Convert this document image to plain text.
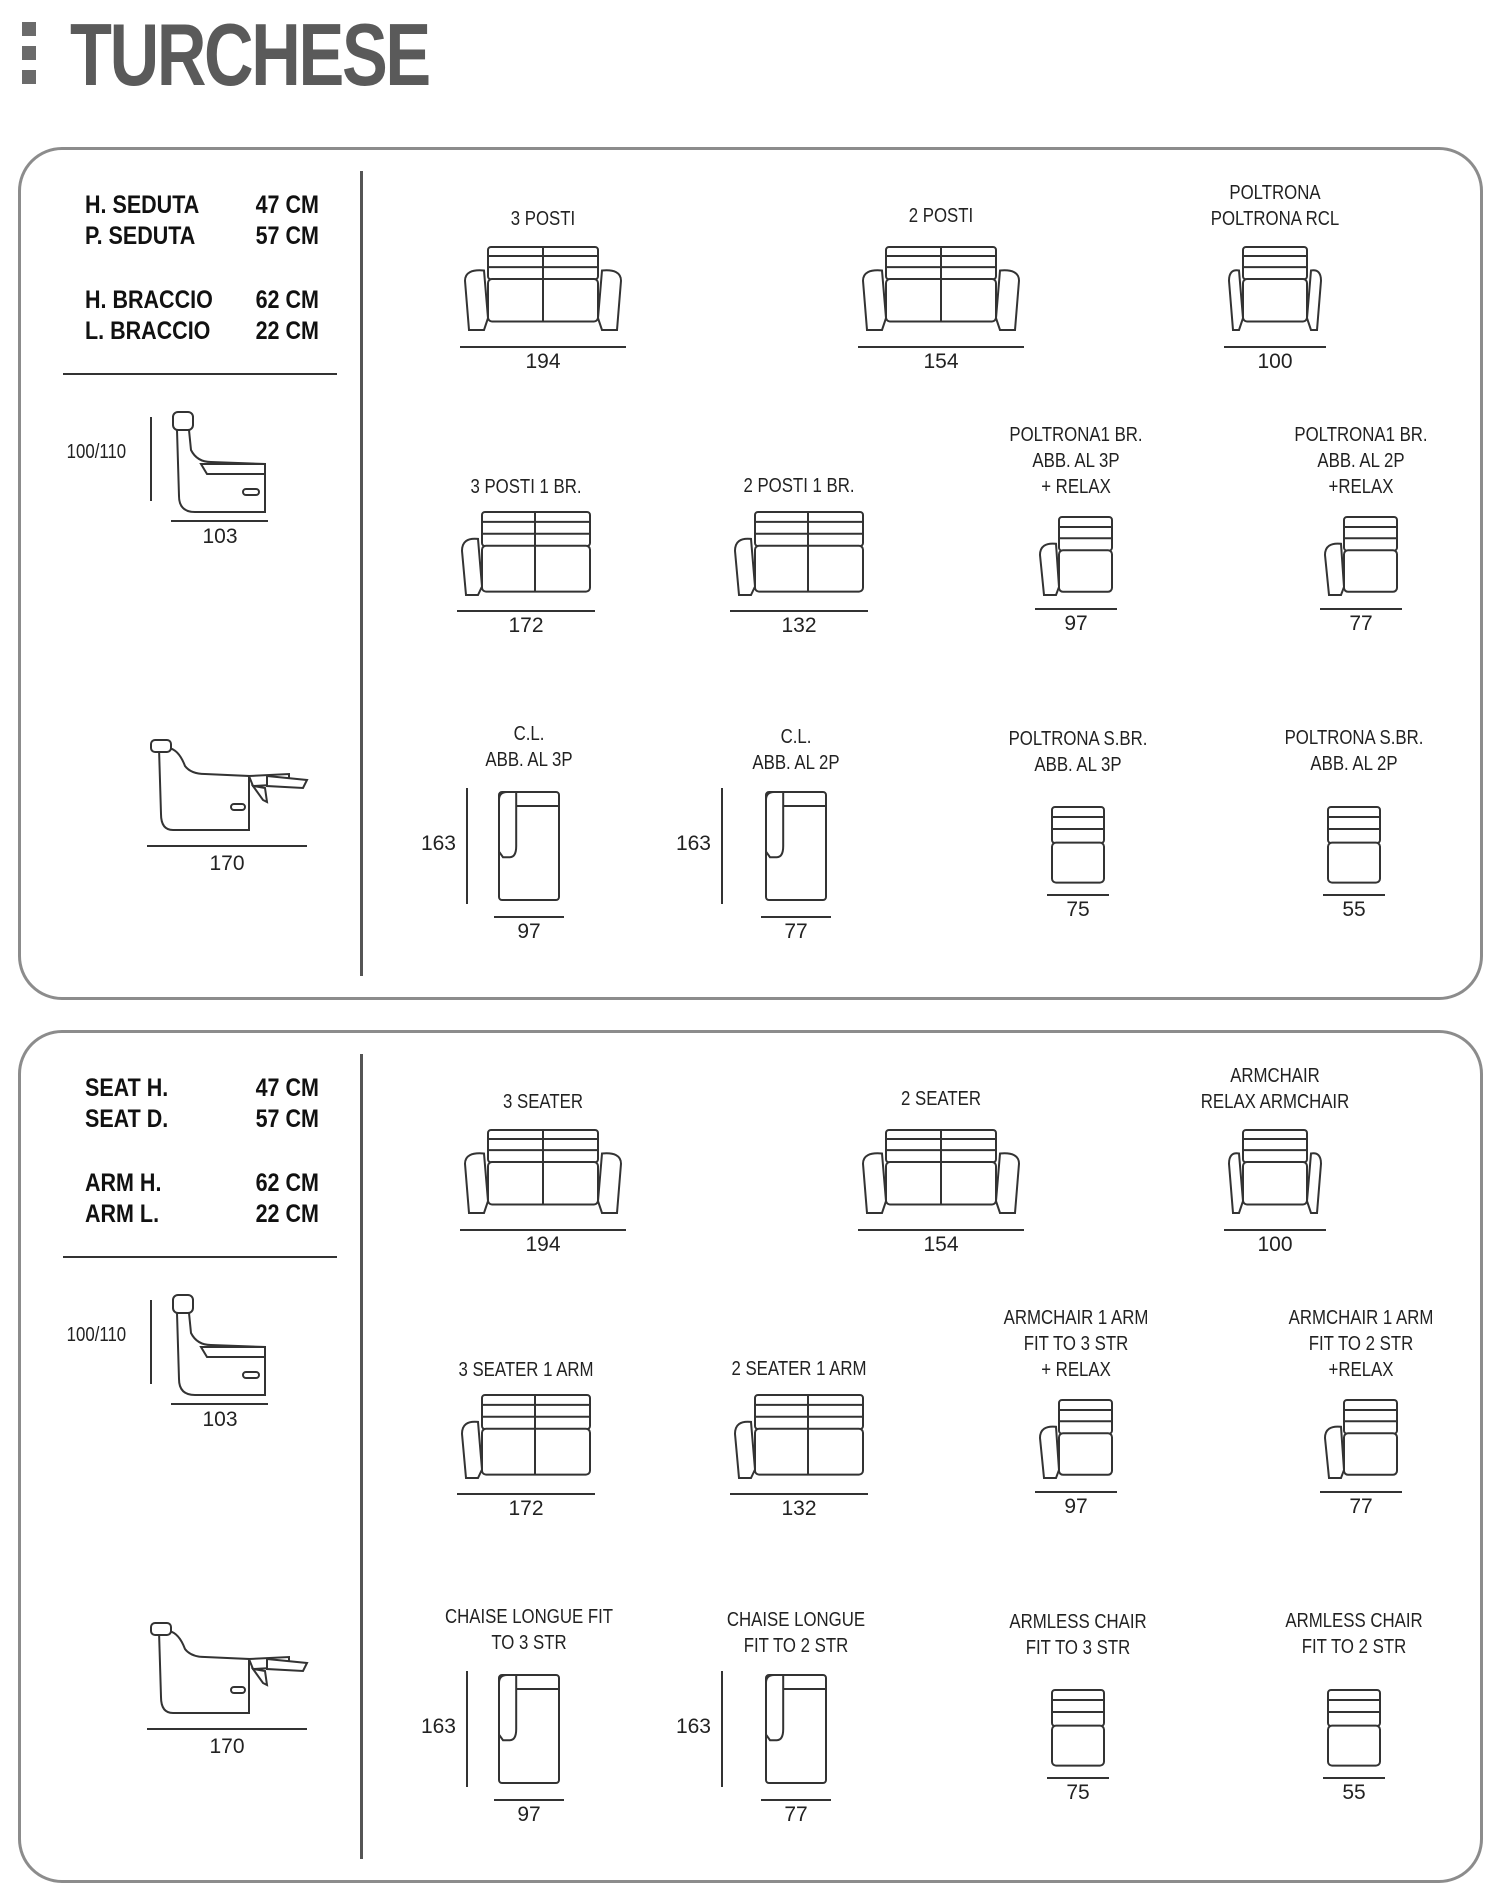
TURCHESE
H. SEDUTA 47 CM
P. SEDUTA 57 CM
H. BRACCIO 62 CM
L. BRACCIO 22 CM
100/110
103
170
3 POSTI
194
2 POSTI
154
POLTRONA
POLTRONA RCL
100
3 POSTI 1 BR.
172
2 POSTI 1 BR.
132
POLTRONA1 BR.
ABB. AL 3P
+ RELAX
97
POLTRONA1 BR.
ABB. AL 2P
+RELAX
77
C.L.
ABB. AL 3P
97
163
C.L.
ABB. AL 2P
77
163
POLTRONA S.BR.
ABB. AL 3P
75
POLTRONA S.BR.
ABB. AL 2P
55
SEAT H.	47 CM
SEAT D.	57 CM
ARM H.	62 CM
ARM L.	22 CM
100/110
103
170
3 SEATER
194
2 SEATER
154
ARMCHAIR
RELAX ARMCHAIR
100
3 SEATER 1 ARM
172
2 SEATER 1 ARM
132
ARMCHAIR 1 ARM
FIT TO 3 STR
+ RELAX
97
ARMCHAIR 1 ARM
FIT TO 2 STR
+RELAX
77
CHAISE LONGUE FIT
TO 3 STR
97
163
CHAISE LONGUE
FIT TO 2 STR
77
163
ARMLESS CHAIR
FIT TO 3 STR
75
ARMLESS CHAIR
FIT TO 2 STR
55
